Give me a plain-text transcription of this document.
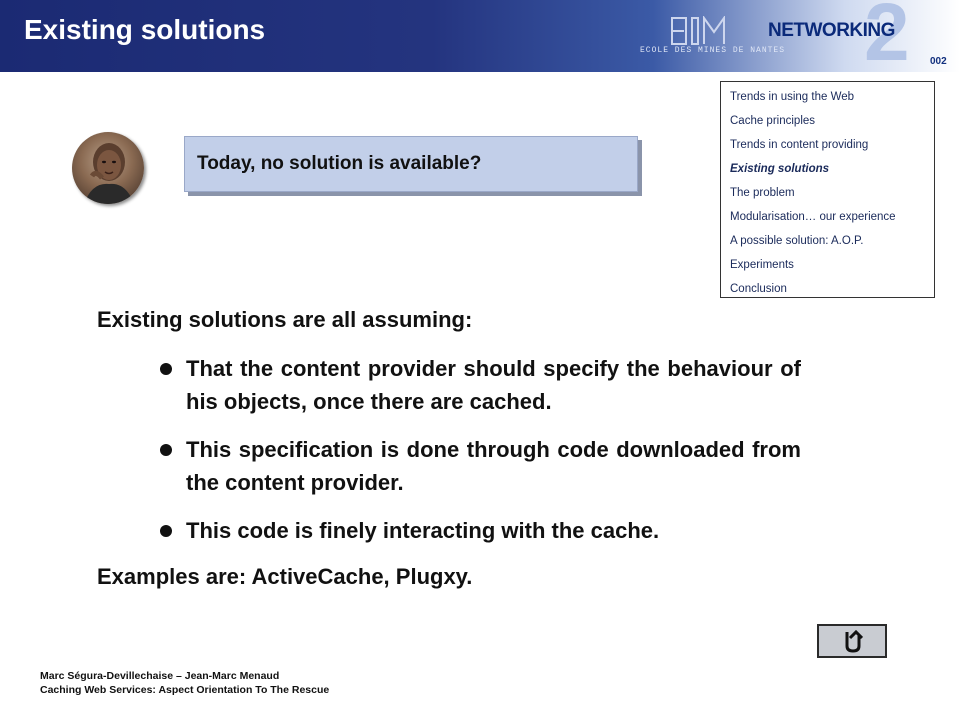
Existing solutions
ECOLE DES MINES DE NANTES 2
NETWORKING
002
Trends in using the Web
Cache principles
Trends in content providing
Existing solutions
The problem
Modularisation… our experience
A possible solution: A.O.P.
Experiments
Conclusion
Today, no solution is available?
Existing solutions are all assuming:
That the content provider should specify the behaviour of his objects, once there are cached.
This specification is done through code downloaded from the content provider.
This code is finely interacting with the cache.
Examples are: ActiveCache, Plugxy.
Marc Ségura-Devillechaise – Jean-Marc Menaud
Caching Web Services: Aspect Orientation To The Rescue
